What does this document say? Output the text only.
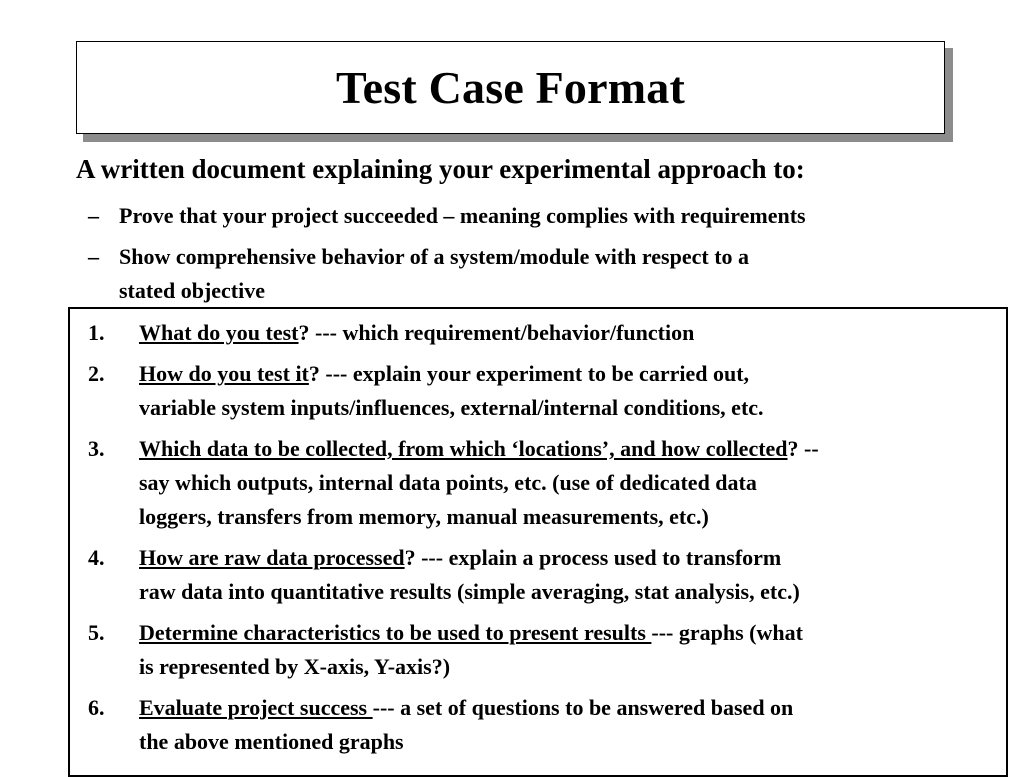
Test Case Format
A written document explaining your experimental approach to:
– Prove that your project succeeded – meaning complies with requirements
– Show comprehensive behavior of a system/module with respect to a
stated objective
1. What do you test? --- which requirement/behavior/function
2. How do you test it? --- explain your experiment to be carried out,
variable system inputs/influences, external/internal conditions, etc.
3. Which data to be collected, from which ‘locations’, and how collected? --
say which outputs, internal data points, etc. (use of dedicated data
loggers, transfers from memory, manual measurements, etc.)
4. How are raw data processed? --- explain a process used to transform
raw data into quantitative results (simple averaging, stat analysis, etc.)
5. Determine characteristics to be used to present results --- graphs (what
is represented by X-axis, Y-axis?)
6. Evaluate project success --- a set of questions to be answered based on
the above mentioned graphs
